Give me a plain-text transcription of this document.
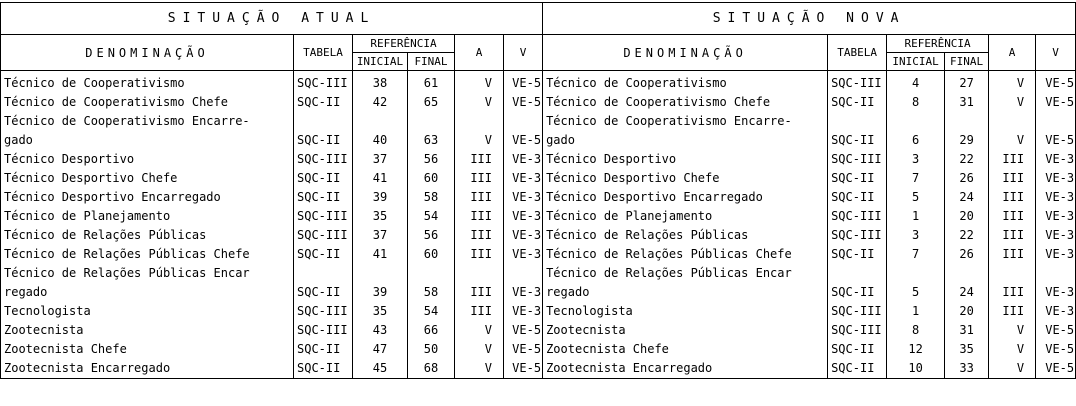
SITUAÇÃO ATUAL						SITUAÇÃO NOVA					
DENOMINAÇÃO	TABELA	REFERÊNCIA		A	V	DENOMINAÇÃO	TABELA	REFERÊNCIA		A	V
		INICIAL	FINAL					INICIAL	FINAL		
Técnico de Cooperativismo	SQC-III	38	61	V	VE-5	Técnico de Cooperativismo	SQC-III	4	27	V	VE-5
Técnico de Cooperativismo Chefe	SQC-II	42	65	V	VE-5	Técnico de Cooperativismo Chefe	SQC-II	8	31	V	VE-5
Técnico de Cooperativismo Encarre-						Técnico de Cooperativismo Encarre-					
gado	SQC-II	40	63	V	VE-5	gado	SQC-II	6	29	V	VE-5
Técnico Desportivo	SQC-III	37	56	III	VE-3	Técnico Desportivo	SQC-III	3	22	III	VE-3
Técnico Desportivo Chefe	SQC-II	41	60	III	VE-3	Técnico Desportivo Chefe	SQC-II	7	26	III	VE-3
Técnico Desportivo Encarregado	SQC-II	39	58	III	VE-3	Técnico Desportivo Encarregado	SQC-II	5	24	III	VE-3
Técnico de Planejamento	SQC-III	35	54	III	VE-3	Técnico de Planejamento	SQC-III	1	20	III	VE-3
Técnico de Relações Públicas	SQC-III	37	56	III	VE-3	Técnico de Relações Públicas	SQC-III	3	22	III	VE-3
Técnico de Relações Públicas Chefe	SQC-II	41	60	III	VE-3	Técnico de Relações Públicas Chefe	SQC-II	7	26	III	VE-3
Técnico de Relações Públicas Encar						Técnico de Relações Públicas Encar					
regado	SQC-II	39	58	III	VE-3	regado	SQC-II	5	24	III	VE-3
Tecnologista	SQC-III	35	54	III	VE-3	Tecnologista	SQC-III	1	20	III	VE-3
Zootecnista	SQC-III	43	66	V	VE-5	Zootecnista	SQC-III	8	31	V	VE-5
Zootecnista Chefe	SQC-II	47	50	V	VE-5	Zootecnista Chefe	SQC-II	12	35	V	VE-5
Zootecnista Encarregado	SQC-II	45	68	V	VE-5	Zootecnista Encarregado	SQC-II	10	33	V	VE-5
